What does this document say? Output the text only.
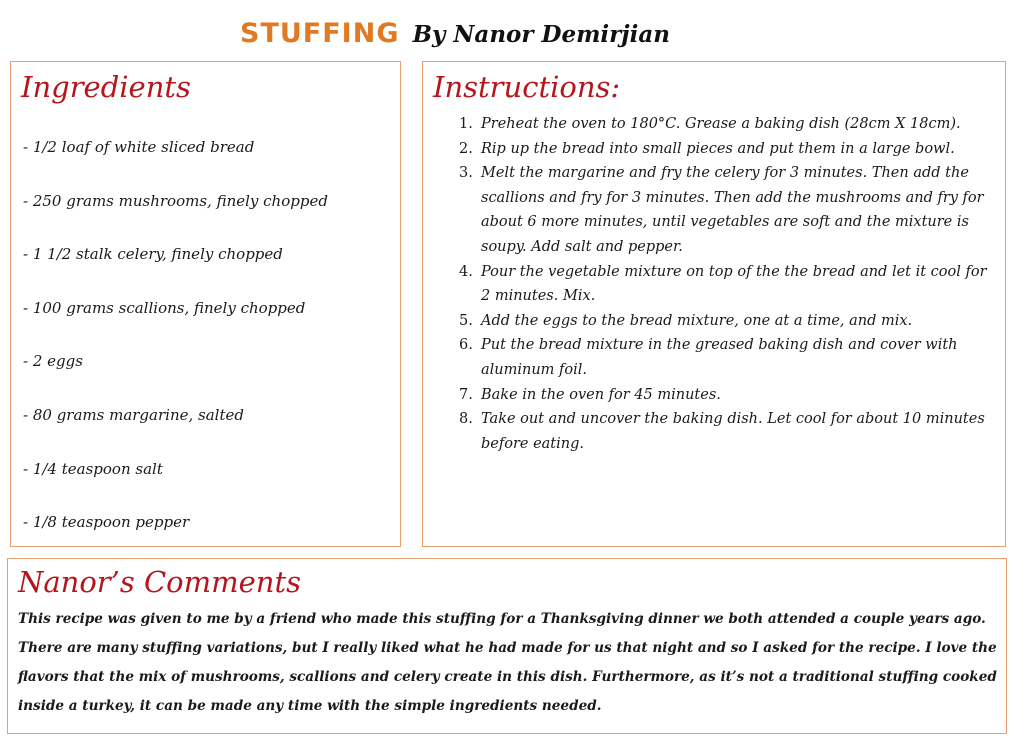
STUFFING By Nanor Demirjian
Ingredients
- 1/2 loaf of white sliced bread
- 250 grams mushrooms, finely chopped
- 1 1/2 stalk celery, finely chopped
- 100 grams scallions, finely chopped
- 2 eggs
- 80 grams margarine, salted
- 1/4 teaspoon salt
- 1/8 teaspoon pepper
Instructions:
1. Preheat the oven to 180°C. Grease a baking dish (28cm X 18cm).
2. Rip up the bread into small pieces and put them in a large bowl.
3. Melt the margarine and fry the celery for 3 minutes. Then add the scallions and fry for 3 minutes. Then add the mushrooms and fry for about 6 more minutes, until vegetables are soft and the mixture is soupy. Add salt and pepper.
4. Pour the vegetable mixture on top of the the bread and let it cool for 2 minutes. Mix.
5. Add the eggs to the bread mixture, one at a time, and mix.
6. Put the bread mixture in the greased baking dish and cover with aluminum foil.
7. Bake in the oven for 45 minutes.
8. Take out and uncover the baking dish. Let cool for about 10 minutes before eating.
Nanor’s Comments

This recipe was given to me by a friend who made this stuffing for a Thanksgiving dinner we both attended a couple years ago. There are many stuffing variations, but I really liked what he had made for us that night and so I asked for the recipe. I love the flavors that the mix of mushrooms, scallions and celery create in this dish. Furthermore, as it’s not a traditional stuffing cooked inside a turkey, it can be made any time with the simple ingredients needed.
